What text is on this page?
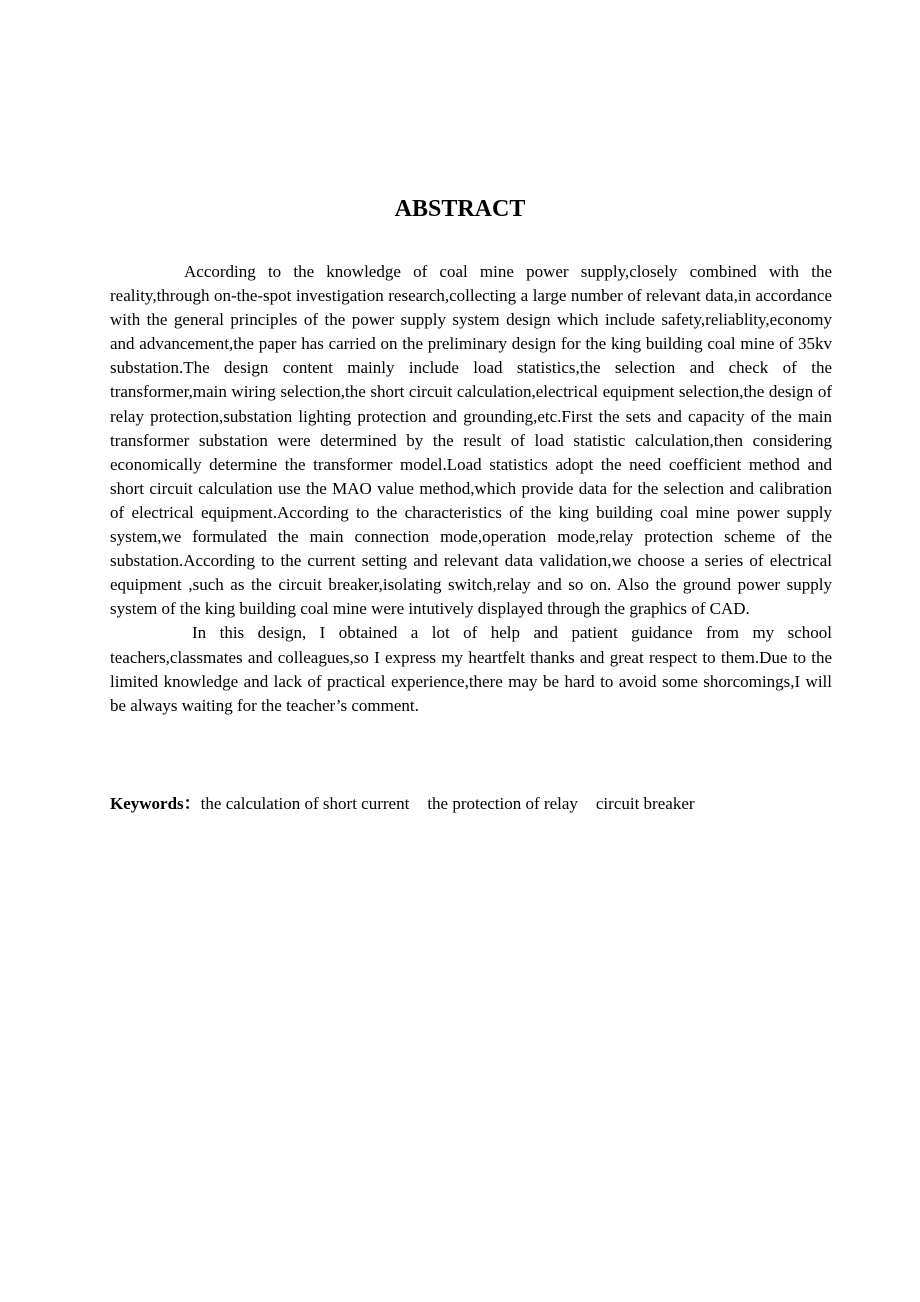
ABSTRACT

According to the knowledge of coal mine power supply,closely combined with the reality,through on-the-spot investigation research,collecting a large number of relevant data,in accordance with the general principles of the power supply system design which include safety,reliablity,economy and advancement,the paper has carried on the preliminary design for the king building coal mine of 35kv substation.The design content mainly include load statistics,the selection and check of the transformer,main wiring selection,the short circuit calculation,electrical equipment selection,the design of relay protection,substation lighting protection and grounding,etc.First the sets and capacity of the main transformer substation were determined by the result of load statistic calculation,then considering economically determine the transformer model.Load statistics adopt the need coefficient method and short circuit calculation use the MAO value method,which provide data for the selection and calibration of electrical equipment.According to the characteristics of the king building coal mine power supply system,we formulated the main connection mode,operation mode,relay protection scheme of the substation.According to the current setting and relevant data validation,we choose a series of electrical equipment ,such as the circuit breaker,isolating switch,relay and so on. Also the ground power supply system of the king building coal mine were intutively displayed through the graphics of CAD.

In this design, I obtained a lot of help and patient guidance from my school teachers,classmates and colleagues,so I express my heartfelt thanks and great respect to them.Due to the limited knowledge and lack of practical experience,there may be hard to avoid some shorcomings,I will be always waiting for the teacher’s comment.

Keywords：the calculation of short current the protection of relay circuit breaker
